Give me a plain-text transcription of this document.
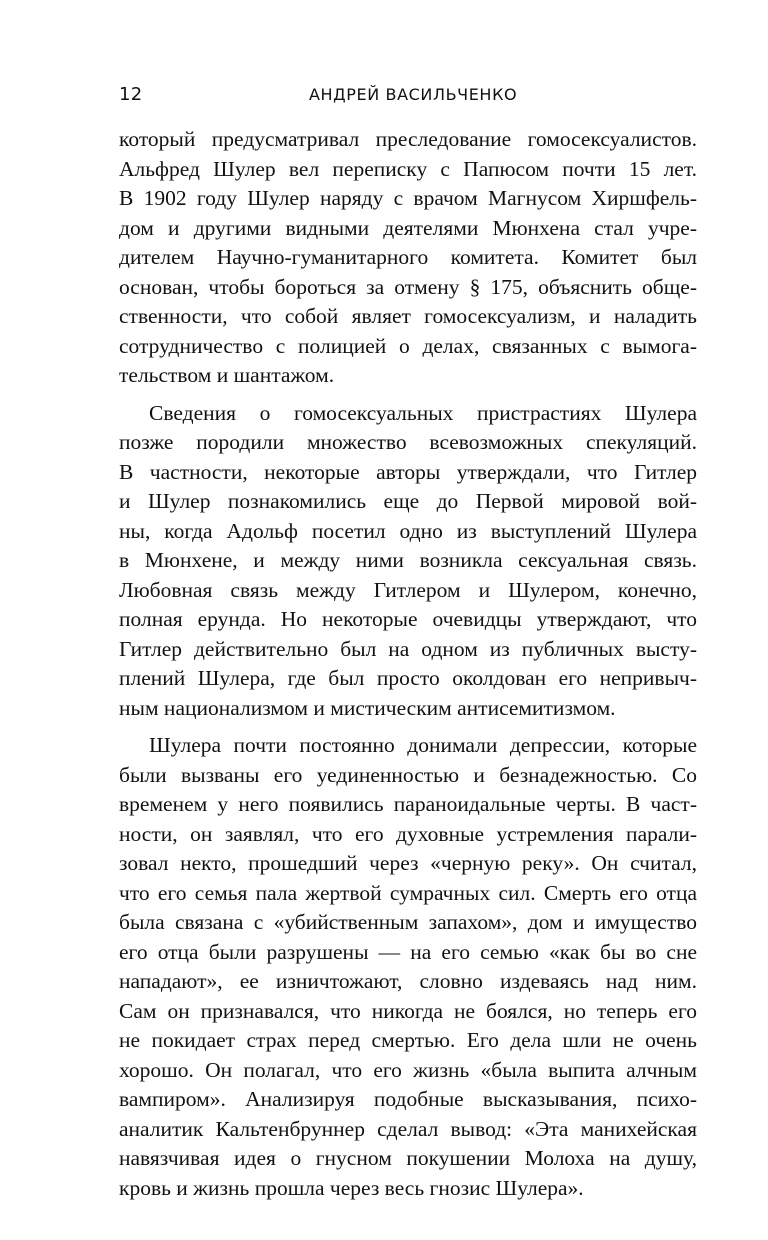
12	АНДРЕЙ ВАСИЛЬЧЕНКО
который предусматривал преследование гомосексуалистов.
Альфред Шулер вел переписку с Папюсом почти 15 лет.
В 1902 году Шулер наряду с врачом Магнусом Хиршфель-
дом и другими видными деятелями Мюнхена стал учре-
дителем Научно-гуманитарного комитета. Комитет был
основан, чтобы бороться за отмену § 175, объяснить обще-
ственности, что собой являет гомосексуализм, и наладить
сотрудничество с полицией о делах, связанных с вымога-
тельством и шантажом.
Сведения о гомосексуальных пристрастиях Шулера
позже породили множество всевозможных спекуляций.
В частности, некоторые авторы утверждали, что Гитлер
и Шулер познакомились еще до Первой мировой вой-
ны, когда Адольф посетил одно из выступлений Шулера
в Мюнхене, и между ними возникла сексуальная связь.
Любовная связь между Гитлером и Шулером, конечно,
полная ерунда. Но некоторые очевидцы утверждают, что
Гитлер действительно был на одном из публичных высту-
плений Шулера, где был просто околдован его непривыч-
ным национализмом и мистическим антисемитизмом.
Шулера почти постоянно донимали депрессии, которые
были вызваны его уединенностью и безнадежностью. Со
временем у него появились параноидальные черты. В част-
ности, он заявлял, что его духовные устремления парали-
зовал некто, прошедший через «черную реку». Он считал,
что его семья пала жертвой сумрачных сил. Смерть его отца
была связана с «убийственным запахом», дом и имущество
его отца были разрушены — на его семью «как бы во сне
нападают», ее изничтожают, словно издеваясь над ним.
Сам он признавался, что никогда не боялся, но теперь его
не покидает страх перед смертью. Его дела шли не очень
хорошо. Он полагал, что его жизнь «была выпита алчным
вампиром». Анализируя подобные высказывания, психо-
аналитик Кальтенбруннер сделал вывод: «Эта манихейская
навязчивая идея о гнусном покушении Молоха на душу,
кровь и жизнь прошла через весь гнозис Шулера».
